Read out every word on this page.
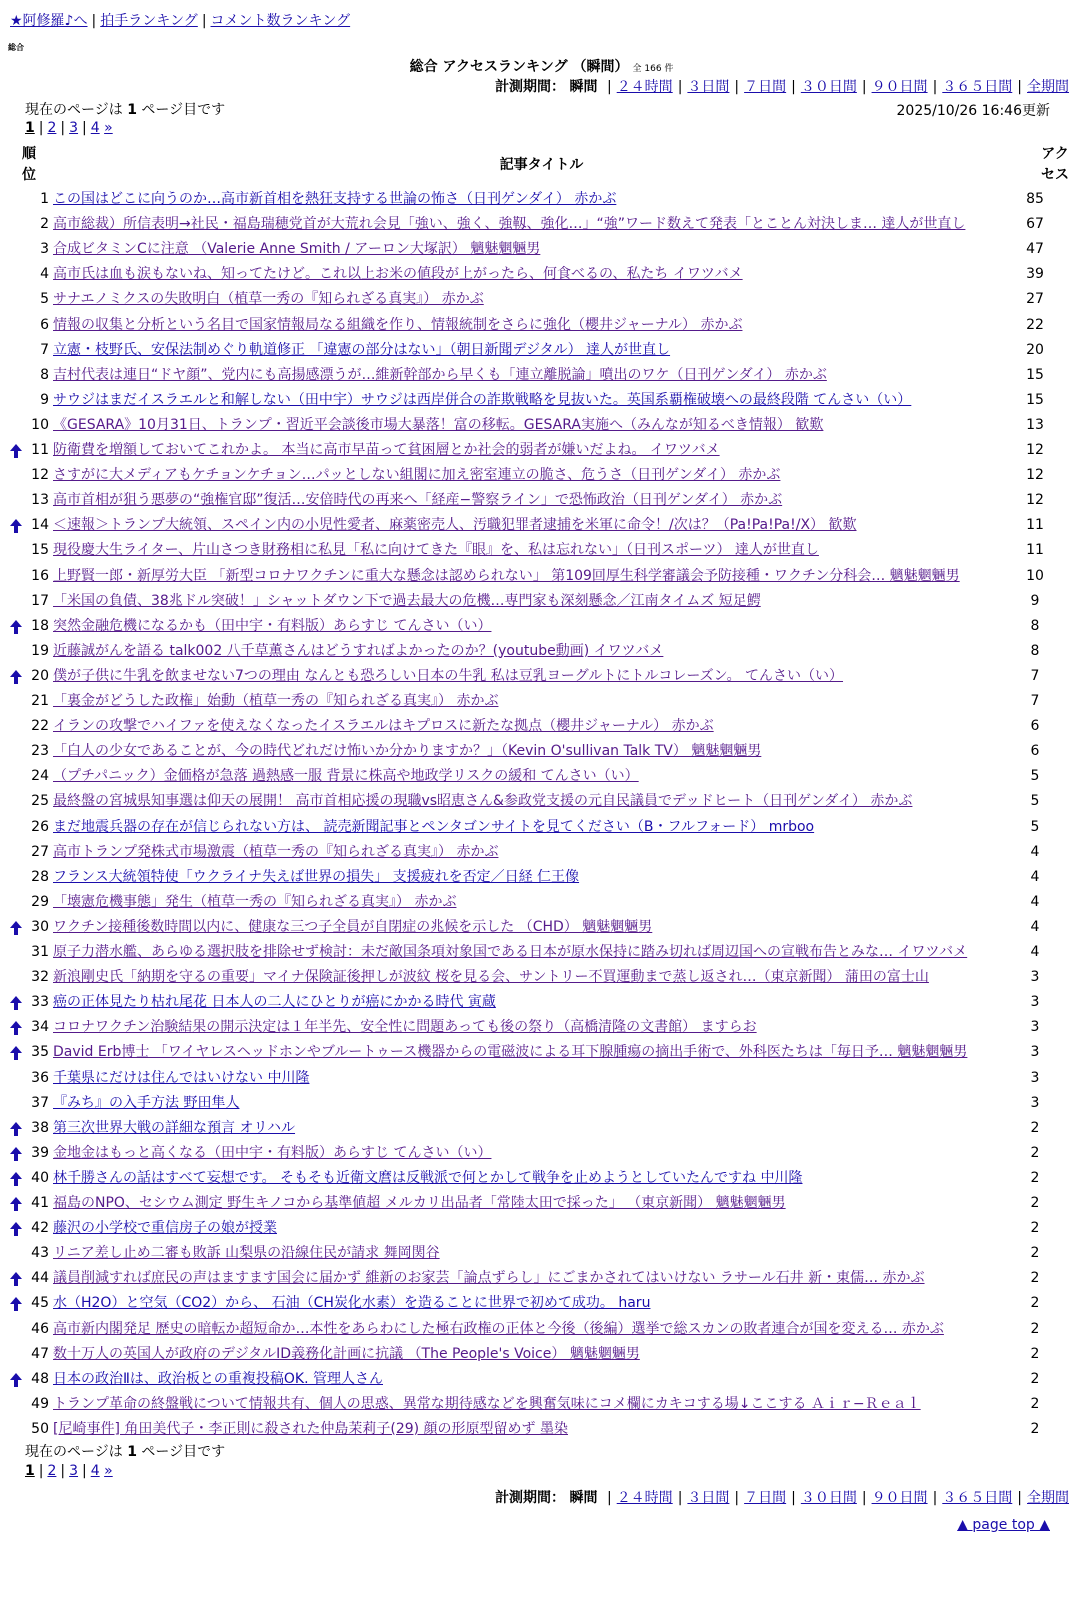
★阿修羅♪へ | 拍手ランキング | コメント数ランキング
総合
総合 アクセスランキング （瞬間） 全 166 件
計測期間： 瞬間 | ２４時間 | ３日間 | ７日間 | ３０日間 | ９０日間 | ３６５日間 | 全期間
現在のページは 1 ページ目です	2025/10/26 16:46更新
1 | 2 | 3 | 4 »
順位
記事タイトル
アクセス
1 この国はどこに向うのか…高市新首相を熱狂支持する世論の怖さ（日刊ゲンダイ） 赤かぶ	85
2 高市総裁）所信表明→社民・福島瑞穂党首が大荒れ会見「強い、強く、強靱、強化…」“強”ワード数えて発表「とことん対決しま… 達人が世直し	67
3 合成ビタミンCに注意 （Valerie Anne Smith / アーロン大塚訳） 魑魅魍魎男	47
4 高市氏は血も涙もないね、知ってたけど。これ以上お米の値段が上がったら、何食べるの、私たち イワツバメ	39
5 サナエノミクスの失敗明白（植草一秀の『知られざる真実』） 赤かぶ	27
6 情報の収集と分析という名目で国家情報局なる組織を作り、情報統制をさらに強化（櫻井ジャーナル） 赤かぶ	22
7 立憲・枝野氏、安保法制めぐり軌道修正 「違憲の部分はない」（朝日新聞デジタル） 達人が世直し	20
8 吉村代表は連日“ドヤ顔”、党内にも高揚感漂うが…維新幹部から早くも「連立離脱論」噴出のワケ（日刊ゲンダイ） 赤かぶ	15
9 サウジはまだイスラエルと和解しない（田中宇）サウジは西岸併合の詐欺戦略を見抜いた。英国系覇権破壊への最終段階 てんさい（い）	15
10 《GESARA》10月31日、トランプ・習近平会談後市場大暴落！富の移転。GESARA実施へ（みんなが知るべき情報） 歓歎	13
11 防衛費を増額しておいてこれかよ。 本当に高市早苗って貧困層とか社会的弱者が嫌いだよね。 イワツバメ	12
12 さすがに大メディアもケチョンケチョン…パッとしない組閣に加え密室連立の脆さ、危うさ（日刊ゲンダイ） 赤かぶ	12
13 高市首相が狙う悪夢の“強権官邸”復活…安倍時代の再来へ「経産−警察ライン」で恐怖政治（日刊ゲンダイ） 赤かぶ	12
14 ＜速報＞トランプ大統領、スペイン内の小児性愛者、麻薬密売人、汚職犯罪者逮捕を米軍に命令！/次は？（Pa!Pa!Pa!/X） 歓歎	11
15 現役慶大生ライター、片山さつき財務相に私見「私に向けてきた『眼』を、私は忘れない」（日刊スポーツ） 達人が世直し	11
16 上野賢一郎・新厚労大臣 「新型コロナワクチンに重大な懸念は認められない」 第109回厚生科学審議会予防接種・ワクチン分科会… 魑魅魍魎男	10
17 「米国の負債、38兆ドル突破！」シャットダウン下で過去最大の危機…専門家も深刻懸念／江南タイムズ 短足鰐	9
18 突然金融危機になるかも（田中宇・有料版）あらすじ てんさい（い）	8
19 近藤誠がんを語る talk002 八千草薫さんはどうすればよかったのか？(youtube動画) イワツバメ	8
20 僕が子供に牛乳を飲ませない7つの理由 なんとも恐ろしい日本の牛乳 私は豆乳ヨーグルトにトルコレーズン。 てんさい（い）	7
21 「裏金がどうした政権」始動（植草一秀の『知られざる真実』） 赤かぶ	7
22 イランの攻撃でハイファを使えなくなったイスラエルはキプロスに新たな拠点（櫻井ジャーナル） 赤かぶ	6
23 「白人の少女であることが、今の時代どれだけ怖いか分かりますか？」（Kevin O'sullivan Talk TV） 魑魅魍魎男	6
24 （プチパニック）金価格が急落 過熱感一服 背景に株高や地政学リスクの緩和 てんさい（い）	5
25 最終盤の宮城県知事選は仰天の展開！ 高市首相応援の現職vs昭恵さん&参政党支援の元自民議員でデッドヒート（日刊ゲンダイ） 赤かぶ	5
26 まだ地震兵器の存在が信じられない方は、 読売新聞記事とペンタゴンサイトを見てください（B・フルフォード） mrboo	5
27 高市トランプ発株式市場激震（植草一秀の『知られざる真実』） 赤かぶ	4
28 フランス大統領特使「ウクライナ失えば世界の損失」 支援疲れを否定／日経 仁王像	4
29 「壊憲危機事態」発生（植草一秀の『知られざる真実』） 赤かぶ	4
30 ワクチン接種後数時間以内に、健康な三つ子全員が自閉症の兆候を示した （CHD） 魑魅魍魎男	4
31 原子力潜水艦、あらゆる選択肢を排除せず検討：未だ敵国条項対象国である日本が原水保持に踏み切れば周辺国への宣戦布告とみな… イワツバメ	4
32 新浪剛史氏「納期を守るの重要」マイナ保険証後押しが波紋 桜を見る会、サントリー不買運動まで蒸し返され…（東京新聞） 蒲田の富士山	3
33 癌の正体見たり枯れ尾花 日本人の二人にひとりが癌にかかる時代 寅蔵	3
34 コロナワクチン治験結果の開示決定は１年半先、安全性に問題あっても後の祭り（高橋清隆の文書館） ますらお	3
35 David Erb博士 「ワイヤレスヘッドホンやブルートゥース機器からの電磁波による耳下腺腫瘍の摘出手術で、外科医たちは「毎日予… 魑魅魍魎男	3
36 千葉県にだけは住んではいけない 中川隆	3
37 『みち』の入手方法 野田隼人	3
38 第三次世界大戦の詳細な預言 オリハル	2
39 金地金はもっと高くなる（田中宇・有料版）あらすじ てんさい（い）	2
40 林千勝さんの話はすべて妄想です。 そもそも近衛文麿は反戦派で何とかして戦争を止めようとしていたんですね 中川隆	2
41 福島のNPO、セシウム測定 野生キノコから基準値超 メルカリ出品者「常陸太田で採った」 （東京新聞） 魑魅魍魎男	2
42 藤沢の小学校で重信房子の娘が授業	2
43 リニア差し止め二審も敗訴 山梨県の沿線住民が請求 舞岡関谷	2
44 議員削減すれば庶民の声はますます国会に届かず 維新のお家芸「論点ずらし」にごまかされてはいけない ラサール石井 新・東儒… 赤かぶ	2
45 水（H2O）と空気（CO2）から、 石油（CH炭化水素）を造ることに世界で初めて成功。 haru	2
46 高市新内閣発足 歴史の暗転か超短命か…本性をあらわにした極右政権の正体と今後（後編）選挙で総スカンの敗者連合が国を変える… 赤かぶ	2
47 数十万人の英国人が政府のデジタルID義務化計画に抗議 （The People's Voice） 魑魅魍魎男	2
48 日本の政治Ⅱは、政治板との重複投稿OK. 管理人さん	2
49 トランプ革命の終盤戦について情報共有、個人の思惑、異常な期待感などを興奮気味にコメ欄にカキコする場↓ここする Ａｉｒ−Ｒｅａｌ	2
50 [尼崎事件] 角田美代子・李正則に殺された仲島茉莉子(29) 顔の形原型留めず 墨染	2
現在のページは 1 ページ目です
1 | 2 | 3 | 4 »
計測期間： 瞬間 | ２４時間 | ３日間 | ７日間 | ３０日間 | ９０日間 | ３６５日間 | 全期間
▲ page top ▲
